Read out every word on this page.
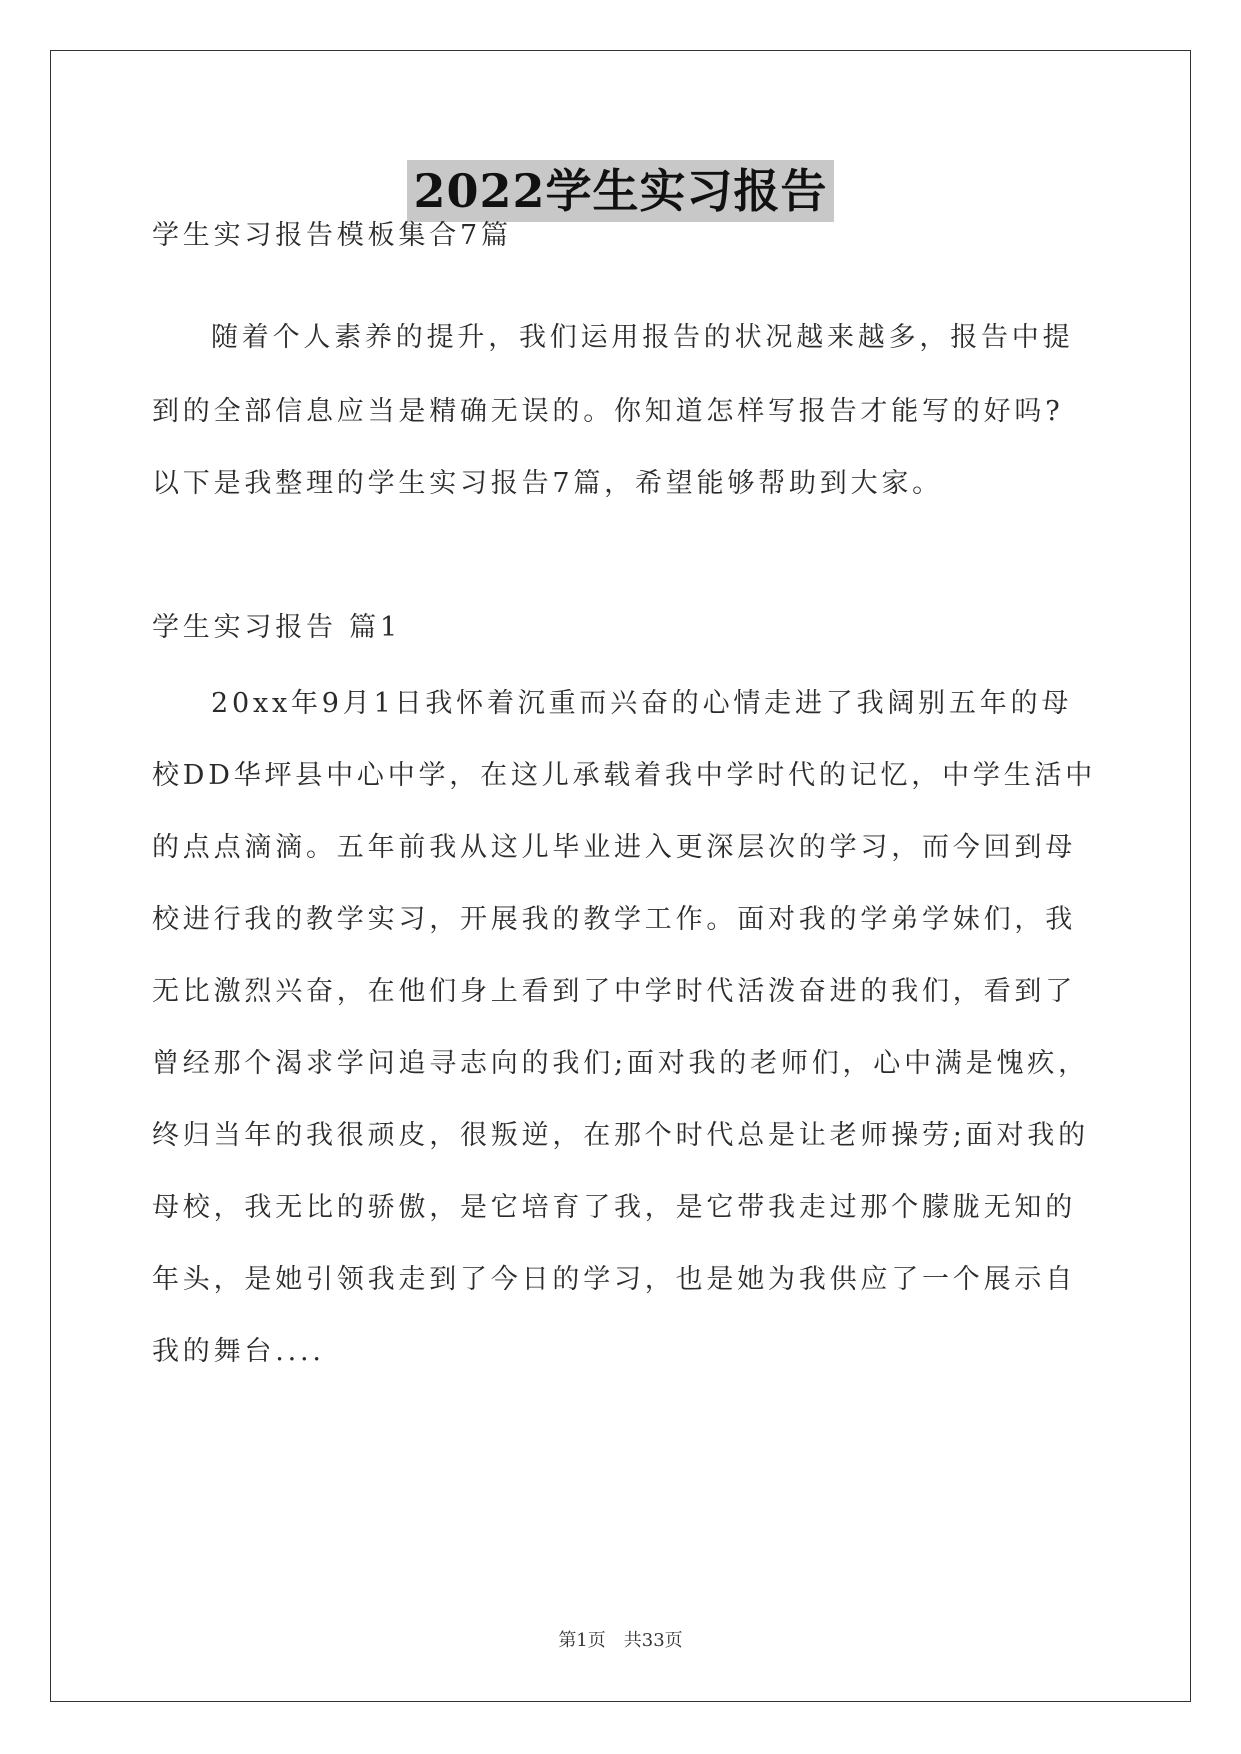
2022学生实习报告
学生实习报告模板集合7篇
随着个人素养的提升，我们运用报告的状况越来越多，报告中提
到的全部信息应当是精确无误的。你知道怎样写报告才能写的好吗?
以下是我整理的学生实习报告7篇，希望能够帮助到大家。
学生实习报告 篇1
20xx年9月1日我怀着沉重而兴奋的心情走进了我阔别五年的母
校DD华坪县中心中学，在这儿承载着我中学时代的记忆，中学生活中
的点点滴滴。五年前我从这儿毕业进入更深层次的学习，而今回到母
校进行我的教学实习，开展我的教学工作。面对我的学弟学妹们，我
无比激烈兴奋，在他们身上看到了中学时代活泼奋进的我们，看到了
曾经那个渴求学问追寻志向的我们;面对我的老师们，心中满是愧疚，
终归当年的我很顽皮，很叛逆，在那个时代总是让老师操劳;面对我的
母校，我无比的骄傲，是它培育了我，是它带我走过那个朦胧无知的
年头，是她引领我走到了今日的学习，也是她为我供应了一个展示自
我的舞台....
第1页 共33页
